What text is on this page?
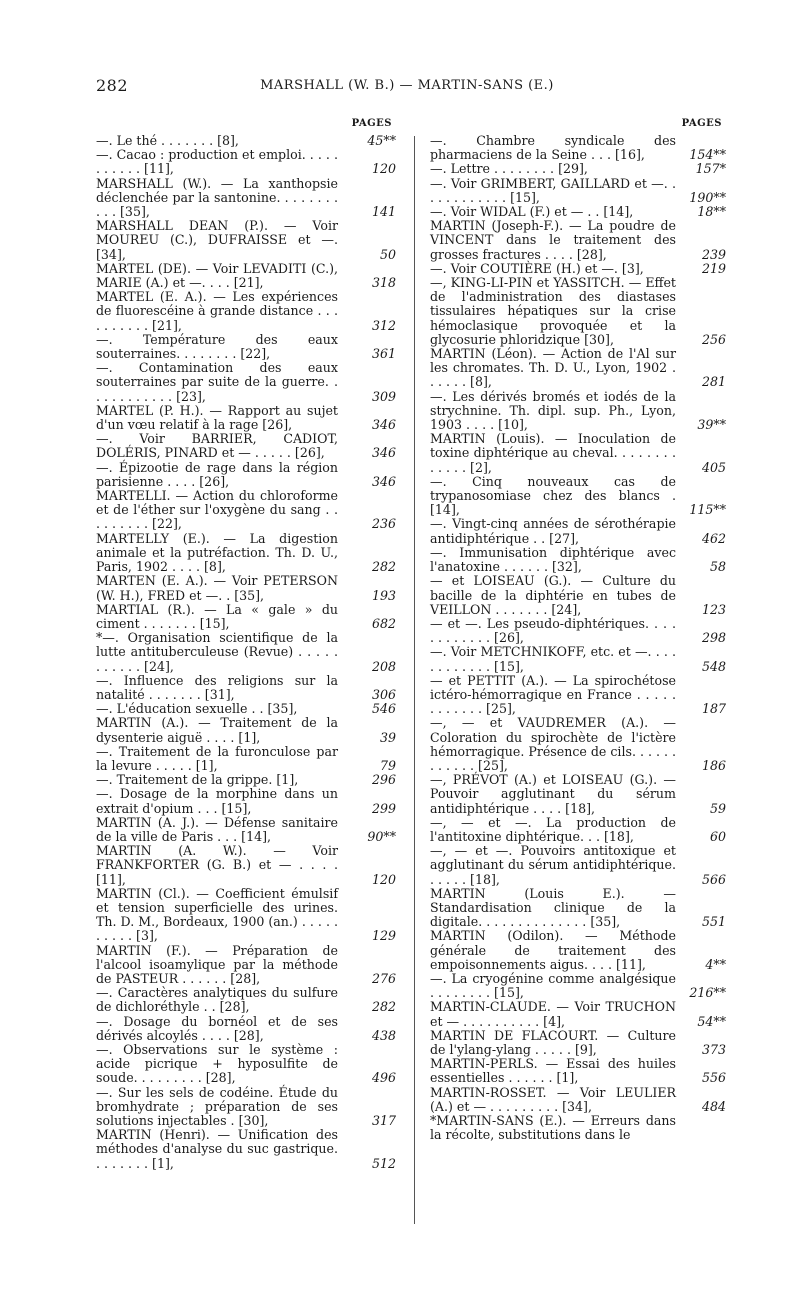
282	MARSHALL (W. B.) — MARTIN-SANS (E.)
PAGES
—. Le thé . . . . . . . [8],	45**
—. Cacao : production et emploi. . . . . . . . . . . [11],	120
MARSHALL (W.). — La xanthopsie déclenchée par la santonine. . . . . . . . . . . [35],	141
MARSHALL DEAN (P.). — Voir MOUREU (C.), DUFRAISSE et —. [34],	50
MARTEL (DE). — Voir LEVADITI (C.), MARIE (A.) et —. . . . [21],	318
MARTEL (E. A.). — Les expériences de fluorescéine à grande distance . . . . . . . . . . [21],	312
—. Température des eaux souterraines. . . . . . . . [22],	361
—. Contamination des eaux souterraines par suite de la guerre. . . . . . . . . . . . [23],	309
MARTEL (P. H.). — Rapport au sujet d'un vœu relatif à la rage [26],	346
—. Voir BARRIER, CADIOT, DOLÉRIS, PINARD et — . . . . . [26],	346
—. Épizootie de rage dans la région parisienne . . . . [26],	346
MARTELLI. — Action du chloroforme et de l'éther sur l'oxygène du sang . . . . . . . . . [22],	236
MARTELLY (E.). — La digestion animale et la putréfaction. Th. D. U., Paris, 1902 . . . . [8],	282
MARTEN (E. A.). — Voir PETERSON (W. H.), FRED et —. . [35],	193
MARTIAL (R.). — La « gale » du ciment . . . . . . . [15],	682
*—. Organisation scientifique de la lutte antituberculeuse (Revue) . . . . . . . . . . . [24],	208
—. Influence des religions sur la natalité . . . . . . . [31],	306
—. L'éducation sexuelle . . [35],	546
MARTIN (A.). — Traitement de la dysenterie aiguë . . . . [1],	39
—. Traitement de la furonculose par la levure . . . . . [1],	79
—. Traitement de la grippe. [1],	296
—. Dosage de la morphine dans un extrait d'opium . . . [15],	299
MARTIN (A. J.). — Défense sanitaire de la ville de Paris . . . [14],	90**
MARTIN (A. W.). — Voir FRANKFORTER (G. B.) et — . . . . [11],	120
MARTIN (Cl.). — Coefficient émulsif et tension superficielle des urines. Th. D. M., Bordeaux, 1900 (an.) . . . . . . . . . . [3],	129
MARTIN (F.). — Préparation de l'alcool isoamylique par la méthode de PASTEUR . . . . . . [28],	276
—. Caractères analytiques du sulfure de dichloréthyle . . [28],	282
—. Dosage du bornéol et de ses dérivés alcoylés . . . . [28],	438
—. Observations sur le système : acide picrique + hyposulfite de soude. . . . . . . . . [28],	496
—. Sur les sels de codéine. Étude du bromhydrate ; préparation de ses solutions injectables . [30],	317
MARTIN (Henri). — Unification des méthodes d'analyse du suc gastrique. . . . . . . . [1],	512
PAGES
—. Chambre syndicale des pharmaciens de la Seine . . . [16],	154**
—. Lettre . . . . . . . . [29],	157*
—. Voir GRIMBERT, GAILLARD et —. . . . . . . . . . . . [15],	190**
—. Voir WIDAL (F.) et — . . [14],	18**
MARTIN (Joseph-F.). — La poudre de VINCENT dans le traitement des grosses fractures . . . . [28],	239
—. Voir COUTIÈRE (H.) et —. [3],	219
—, KING-LI-PIN et YASSITCH. — Effet de l'administration des diastases tissulaires hépatiques sur la crise hémoclasique provoquée et la glycosurie phloridzique [30],	256
MARTIN (Léon). — Action de l'Al sur les chromates. Th. D. U., Lyon, 1902 . . . . . . [8],	281
—. Les dérivés bromés et iodés de la strychnine. Th. dipl. sup. Ph., Lyon, 1903 . . . . [10],	39**
MARTIN (Louis). — Inoculation de toxine diphtérique au cheval. . . . . . . . . . . . . [2],	405
—. Cinq nouveaux cas de trypanosomiase chez des blancs . [14],	115**
—. Vingt-cinq années de sérothérapie antidiphtérique . . [27],	462
—. Immunisation diphtérique avec l'anatoxine . . . . . . [32],	58
— et LOISEAU (G.). — Culture du bacille de la diphtérie en tubes de VEILLON . . . . . . . [24],	123
— et —. Les pseudo-diphtériques. . . . . . . . . . . . [26],	298
—. Voir METCHNIKOFF, etc. et —. . . . . . . . . . . . [15],	548
— et PETTIT (A.). — La spirochétose ictéro-hémorragique en France . . . . . . . . . . . . [25],	187
—, — et VAUDREMER (A.). — Coloration du spirochète de l'ictère hémorragique. Présence de cils. . . . . . . . . . . . [25],	186
—, PRÉVOT (A.) et LOISEAU (G.). — Pouvoir agglutinant du sérum antidiphtérique . . . . [18],	59
—, — et —. La production de l'antitoxine diphtérique. . . [18],	60
—, — et —. Pouvoirs antitoxique et agglutinant du sérum antidiphtérique. . . . . . [18],	566
MARTIN (Louis E.). — Standardisation clinique de la digitale. . . . . . . . . . . . . . [35],	551
MARTIN (Odilon). — Méthode générale de traitement des empoisonnements aigus. . . . [11],	4**
—. La cryogénine comme analgésique . . . . . . . . [15],	216**
MARTIN-CLAUDE. — Voir TRUCHON et — . . . . . . . . . . [4],	54**
MARTIN DE FLACOURT. — Culture de l'ylang-ylang . . . . . [9],	373
MARTIN-PERLS. — Essai des huiles essentielles . . . . . . [1],	556
MARTIN-ROSSET. — Voir LEULIER (A.) et — . . . . . . . . . [34],	484
*MARTIN-SANS (E.). — Erreurs dans la récolte, substitutions dans le
